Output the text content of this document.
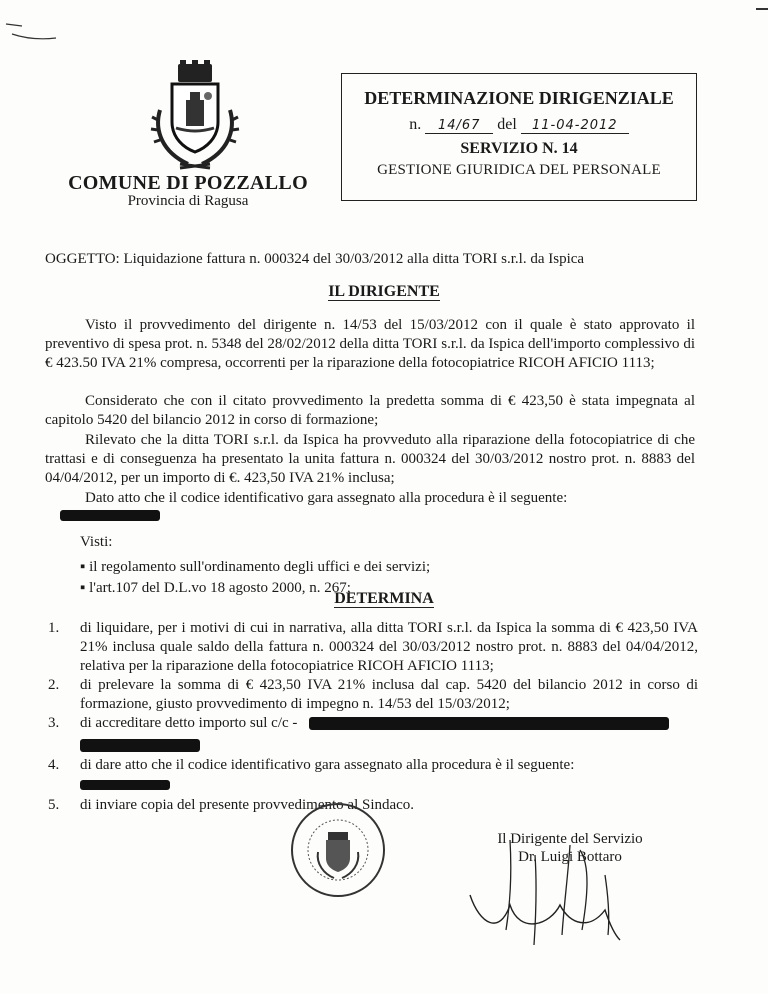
COMUNE DI POZZALLO
Provincia di Ragusa
DETERMINAZIONE DIRIGENZIALE
n. 14/67 del 11-04-2012
SERVIZIO N. 14
GESTIONE GIURIDICA DEL PERSONALE
OGGETTO: Liquidazione fattura n. 000324 del 30/03/2012 alla ditta TORI s.r.l. da Ispica
IL DIRIGENTE
Visto il provvedimento del dirigente n. 14/53 del 15/03/2012 con il quale è stato approvato il preventivo di spesa prot. n. 5348 del 28/02/2012 della ditta TORI s.r.l. da Ispica dell'importo complessivo di € 423.50 IVA 21% compresa, occorrenti per la riparazione della fotocopiatrice RICOH AFICIO 1113;
Considerato che con il citato provvedimento la predetta somma di € 423,50 è stata impegnata al capitolo 5420 del bilancio 2012 in corso di formazione;
Rilevato che la ditta TORI s.r.l. da Ispica ha provveduto alla riparazione della fotocopiatrice di che trattasi e di conseguenza ha presentato la unita fattura n. 000324 del 30/03/2012 nostro prot. n. 8883 del 04/04/2012, per un importo di €. 423,50 IVA 21% inclusa;
Dato atto che il codice identificativo gara assegnato alla procedura è il seguente:
Visti:
▪ il regolamento sull'ordinamento degli uffici e dei servizi;
▪ l'art.107 del D.L.vo 18 agosto 2000, n. 267;
DETERMINA
1. di liquidare, per i motivi di cui in narrativa, alla ditta TORI s.r.l. da Ispica la somma di € 423,50 IVA 21% inclusa quale saldo della fattura n. 000324 del 30/03/2012 nostro prot. n. 8883 del 04/04/2012, relativa per la riparazione della fotocopiatrice RICOH AFICIO 1113;
2. di prelevare la somma di € 423,50 IVA 21% inclusa dal cap. 5420 del bilancio 2012 in corso di formazione, giusto provvedimento di impegno n. 14/53 del 15/03/2012;
3. di accreditare detto importo sul c/c -

4. di dare atto che il codice identificativo gara assegnato alla procedura è il seguente:

5. di inviare copia del presente provvedimento al Sindaco.
Il Dirigente del Servizio
Dr. Luigi Bottaro
